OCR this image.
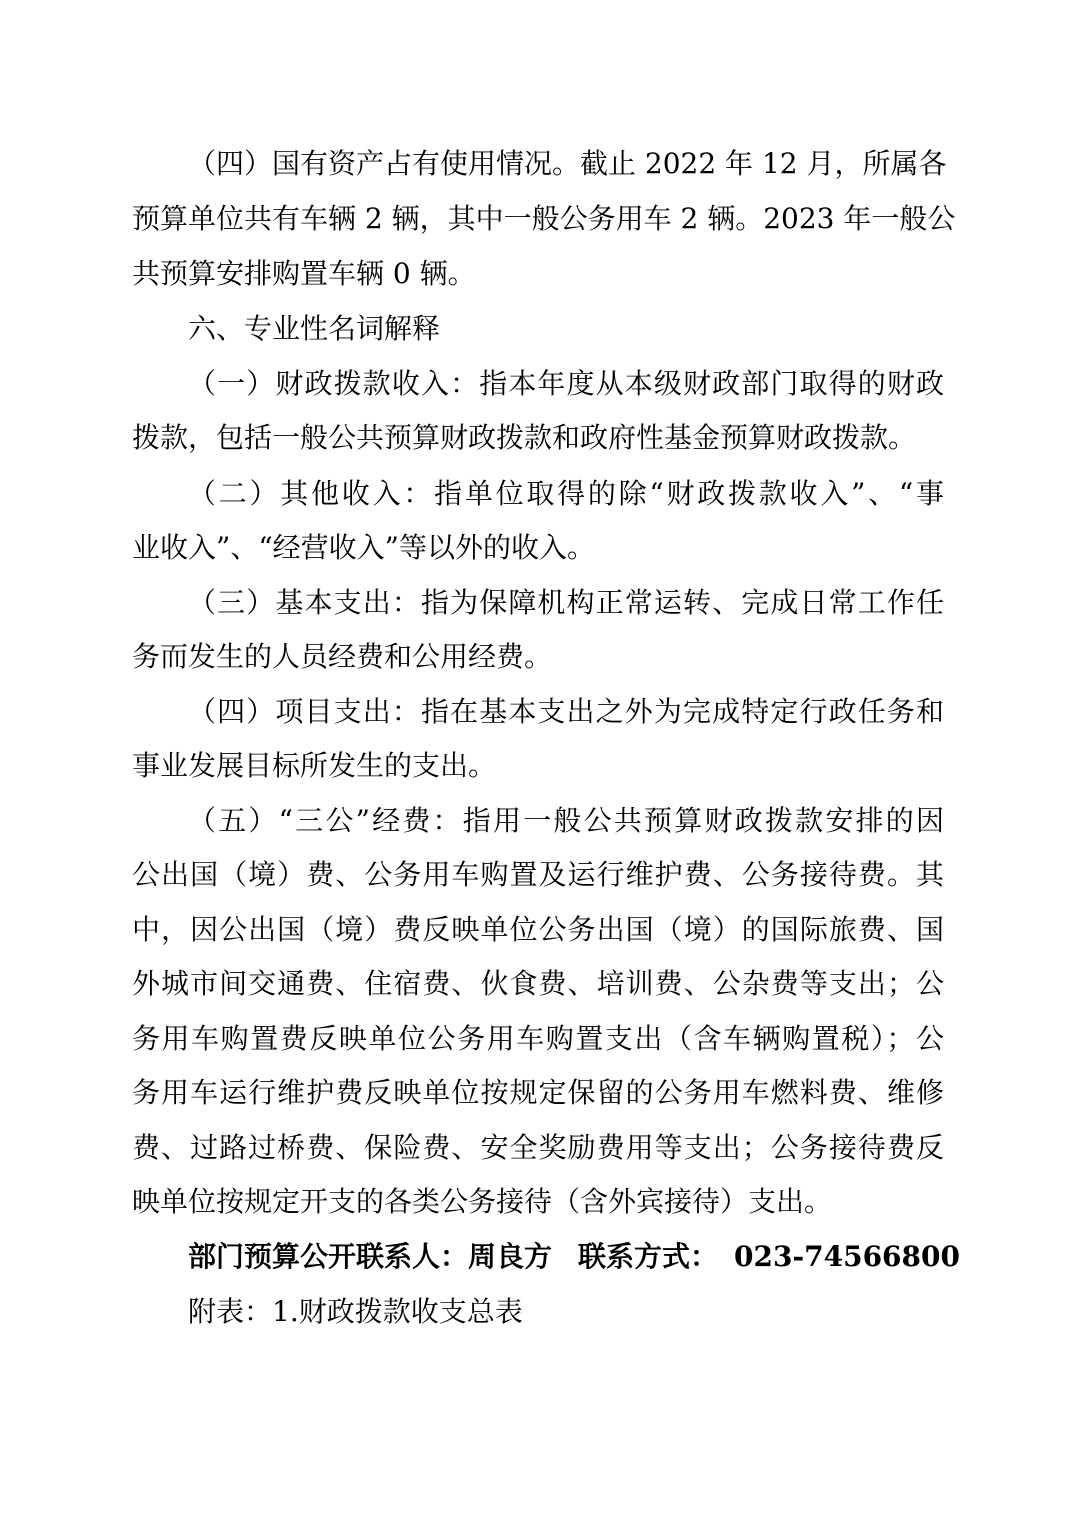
（四）国有资产占有使用情况。截止 2022 年 12 月，所属各
预算单位共有车辆 2 辆，其中一般公务用车 2 辆。2023 年一般公
共预算安排购置车辆 0 辆。
六、专业性名词解释
（一）财政拨款收入：指本年度从本级财政部门取得的财政
拨款，包括一般公共预算财政拨款和政府性基金预算财政拨款。
（二）其他收入：指单位取得的除“财政拨款收入”、“事
业收入”、“经营收入”等以外的收入。
（三）基本支出：指为保障机构正常运转、完成日常工作任
务而发生的人员经费和公用经费。
（四）项目支出：指在基本支出之外为完成特定行政任务和
事业发展目标所发生的支出。
（五）“三公”经费：指用一般公共预算财政拨款安排的因
公出国（境）费、公务用车购置及运行维护费、公务接待费。其
中，因公出国（境）费反映单位公务出国（境）的国际旅费、国
外城市间交通费、住宿费、伙食费、培训费、公杂费等支出；公
务用车购置费反映单位公务用车购置支出（含车辆购置税）；公
务用车运行维护费反映单位按规定保留的公务用车燃料费、维修
费、过路过桥费、保险费、安全奖励费用等支出；公务接待费反
映单位按规定开支的各类公务接待（含外宾接待）支出。
部门预算公开联系人：周良方 联系方式： 023-74566800
附表：1.财政拨款收支总表
